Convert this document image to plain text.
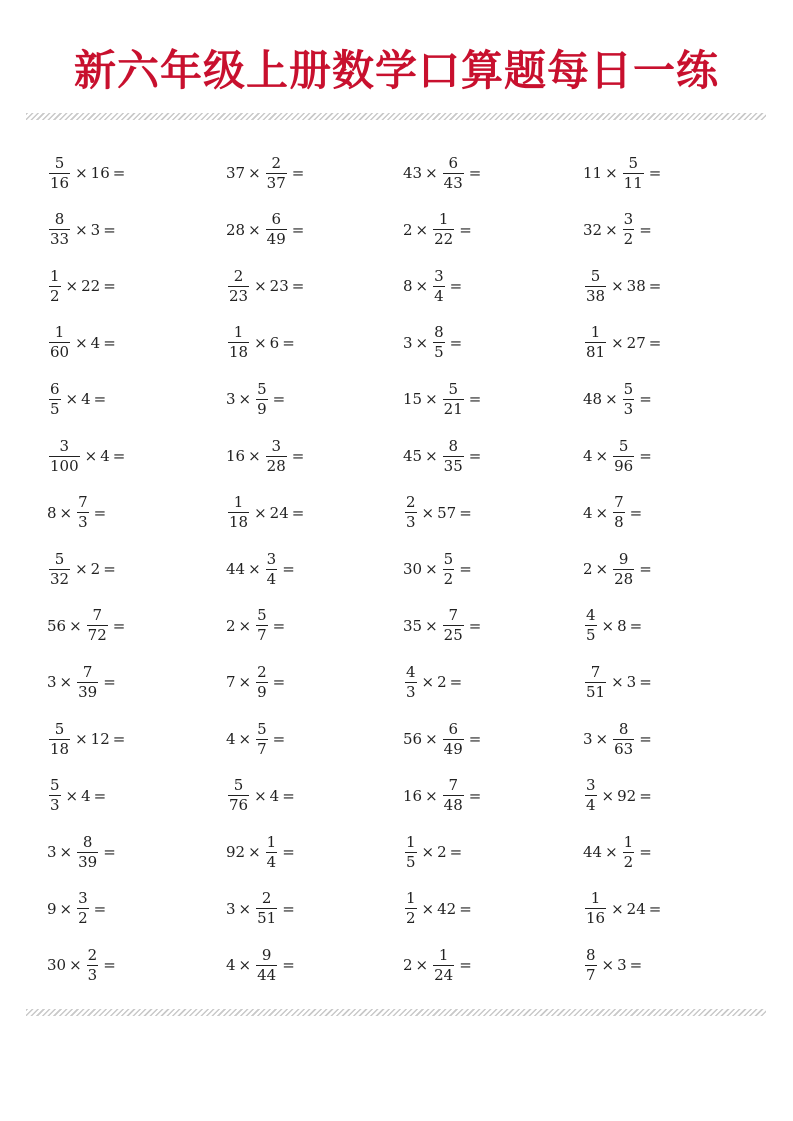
新六年级上册数学口算题每日一练
$\frac{5}{16} \times 16$ =	$37 \times \frac{2}{37}$ =	$43 \times \frac{6}{43}$ =	$11 \times \frac{5}{11}$ =
$\frac{8}{33} \times 3$ =	$28 \times \frac{6}{49}$ =	$2 \times \frac{1}{22}$ =	$32 \times \frac{3}{2}$ =
$\frac{1}{2} \times 22$ =	$\frac{2}{23} \times 23$ =	$8 \times \frac{3}{4}$ =	$\frac{5}{38} \times 38$ =
$\frac{1}{60} \times 4$ =	$\frac{1}{18} \times 6$ =	$3 \times \frac{8}{5}$ =	$\frac{1}{81} \times 27$ =
$\frac{6}{5} \times 4$ =	$3 \times \frac{5}{9}$ =	$15 \times \frac{5}{21}$ =	$48 \times \frac{5}{3}$ =
$\frac{3}{100} \times 4$ =	$16 \times \frac{3}{28}$ =	$45 \times \frac{8}{35}$ =	$4 \times \frac{5}{96}$ =
$8 \times \frac{7}{3}$ =	$\frac{1}{18} \times 24$ =	$\frac{2}{3} \times 57$ =	$4 \times \frac{7}{8}$ =
$\frac{5}{32} \times 2$ =	$44 \times \frac{3}{4}$ =	$30 \times \frac{5}{2}$ =	$2 \times \frac{9}{28}$ =
$56 \times \frac{7}{72}$ =	$2 \times \frac{5}{7}$ =	$35 \times \frac{7}{25}$ =	$\frac{4}{5} \times 8$ =
$3 \times \frac{7}{39}$ =	$7 \times \frac{2}{9}$ =	$\frac{4}{3} \times 2$ =	$\frac{7}{51} \times 3$ =
$\frac{5}{18} \times 12$ =	$4 \times \frac{5}{7}$ =	$56 \times \frac{6}{49}$ =	$3 \times \frac{8}{63}$ =
$\frac{5}{3} \times 4$ =	$\frac{5}{76} \times 4$ =	$16 \times \frac{7}{48}$ =	$\frac{3}{4} \times 92$ =
$3 \times \frac{8}{39}$ =	$92 \times \frac{1}{4}$ =	$\frac{1}{5} \times 2$ =	$44 \times \frac{1}{2}$ =
$9 \times \frac{3}{2}$ =	$3 \times \frac{2}{51}$ =	$\frac{1}{2} \times 42$ =	$\frac{1}{16} \times 24$ =
$30 \times \frac{2}{3}$ =	$4 \times \frac{9}{44}$ =	$2 \times \frac{1}{24}$ =	$\frac{8}{7} \times 3$ =
